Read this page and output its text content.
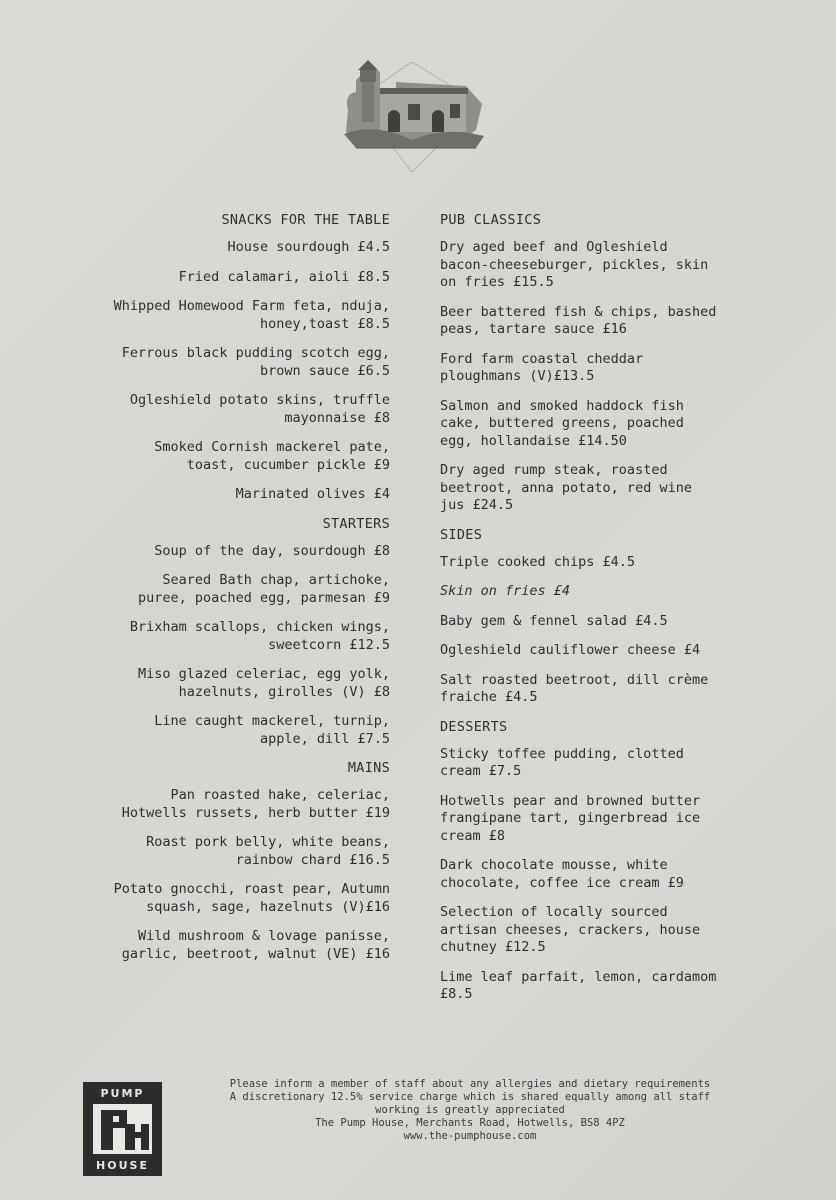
SNACKS FOR THE TABLE
House sourdough £4.5
Fried calamari, aioli £8.5
Whipped Homewood Farm feta, nduja,
honey,toast £8.5
Ferrous black pudding scotch egg,
brown sauce £6.5
Ogleshield potato skins, truffle
mayonnaise £8
Smoked Cornish mackerel pate,
toast, cucumber pickle £9
Marinated olives £4
STARTERS
Soup of the day, sourdough £8
Seared Bath chap, artichoke,
puree, poached egg, parmesan £9
Brixham scallops, chicken wings,
sweetcorn £12.5
Miso glazed celeriac, egg yolk,
hazelnuts, girolles (V) £8
Line caught mackerel, turnip,
apple, dill £7.5
MAINS
Pan roasted hake, celeriac,
Hotwells russets, herb butter £19
Roast pork belly, white beans,
rainbow chard £16.5
Potato gnocchi, roast pear, Autumn
squash, sage, hazelnuts (V)£16
Wild mushroom & lovage panisse,
garlic, beetroot, walnut (VE) £16
PUB CLASSICS
Dry aged beef and Ogleshield
bacon-cheeseburger, pickles, skin
on fries £15.5
Beer battered fish & chips, bashed
peas, tartare sauce £16
Ford farm coastal cheddar
ploughmans (V)£13.5
Salmon and smoked haddock fish
cake, buttered greens, poached
egg, hollandaise £14.50
Dry aged rump steak, roasted
beetroot, anna potato, red wine
jus £24.5
SIDES
Triple cooked chips £4.5
Skin on fries £4
Baby gem & fennel salad £4.5
Ogleshield cauliflower cheese £4
Salt roasted beetroot, dill crème
fraiche £4.5
DESSERTS
Sticky toffee pudding, clotted
cream £7.5
Hotwells pear and browned butter
frangipane tart, gingerbread ice
cream £8
Dark chocolate mousse, white
chocolate, coffee ice cream £9
Selection of locally sourced
artisan cheeses, crackers, house
chutney £12.5
Lime leaf parfait, lemon, cardamom
£8.5
PUMP
HOUSE
Please inform a member of staff about any allergies and dietary requirements
A discretionary 12.5% service charge which is shared equally among all staff
working is greatly appreciated
The Pump House, Merchants Road, Hotwells, BS8 4PZ
www.the-pumphouse.com
